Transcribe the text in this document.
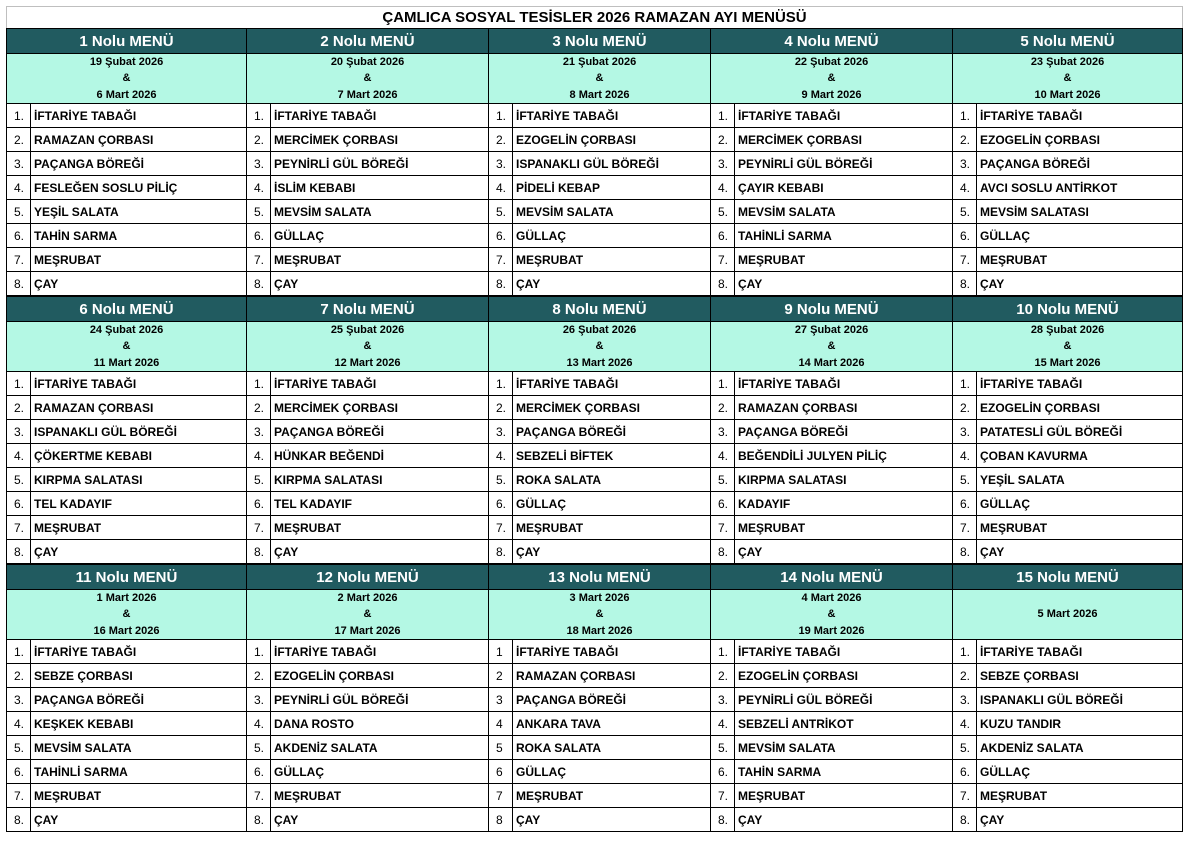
ÇAMLICA SOSYAL TESİSLER 2026 RAMAZAN AYI MENÜSÜ
1 Nolu MENÜ
19 Şubat 2026
&
6 Mart 2026
1. İFTARİYE TABAĞI
2. RAMAZAN ÇORBASI
3. PAÇANGA BÖREĞİ
4. FESLEĞEN SOSLU PİLİÇ
5. YEŞİL SALATA
6. TAHİN SARMA
7. MEŞRUBAT
8. ÇAY
2 Nolu MENÜ
20 Şubat 2026
&
7 Mart 2026
1. İFTARİYE TABAĞI
2. MERCİMEK ÇORBASI
3. PEYNİRLİ GÜL BÖREĞİ
4. İSLİM KEBABI
5. MEVSİM SALATA
6. GÜLLAÇ
7. MEŞRUBAT
8. ÇAY
3 Nolu MENÜ
21 Şubat 2026
&
8 Mart 2026
1. İFTARİYE TABAĞI
2. EZOGELİN ÇORBASI
3. ISPANAKLI GÜL BÖREĞİ
4. PİDELİ KEBAP
5. MEVSİM SALATA
6. GÜLLAÇ
7. MEŞRUBAT
8. ÇAY
4 Nolu MENÜ
22 Şubat 2026
&
9 Mart 2026
1. İFTARİYE TABAĞI
2. MERCİMEK ÇORBASI
3. PEYNİRLİ GÜL BÖREĞİ
4. ÇAYIR KEBABI
5. MEVSİM SALATA
6. TAHİNLİ SARMA
7. MEŞRUBAT
8. ÇAY
5 Nolu MENÜ
23 Şubat 2026
&
10 Mart 2026
1. İFTARİYE TABAĞI
2. EZOGELİN ÇORBASI
3. PAÇANGA BÖREĞİ
4. AVCI SOSLU ANTİRKOT
5. MEVSİM SALATASI
6. GÜLLAÇ
7. MEŞRUBAT
8. ÇAY
6 Nolu MENÜ
24 Şubat 2026
&
11 Mart 2026
1. İFTARİYE TABAĞI
2. RAMAZAN ÇORBASI
3. ISPANAKLI GÜL BÖREĞİ
4. ÇÖKERTME KEBABI
5. KIRPMA SALATASI
6. TEL KADAYIF
7. MEŞRUBAT
8. ÇAY
7 Nolu MENÜ
25 Şubat 2026
&
12 Mart 2026
1. İFTARİYE TABAĞI
2. MERCİMEK ÇORBASI
3. PAÇANGA BÖREĞİ
4. HÜNKAR BEĞENDİ
5. KIRPMA SALATASI
6. TEL KADAYIF
7. MEŞRUBAT
8. ÇAY
8 Nolu MENÜ
26 Şubat 2026
&
13 Mart 2026
1. İFTARİYE TABAĞI
2. MERCİMEK ÇORBASI
3. PAÇANGA BÖREĞİ
4. SEBZELİ BİFTEK
5. ROKA SALATA
6. GÜLLAÇ
7. MEŞRUBAT
8. ÇAY
9 Nolu MENÜ
27 Şubat 2026
&
14 Mart 2026
1. İFTARİYE TABAĞI
2. RAMAZAN ÇORBASI
3. PAÇANGA BÖREĞİ
4. BEĞENDİLİ JULYEN PİLİÇ
5. KIRPMA SALATASI
6. KADAYIF
7. MEŞRUBAT
8. ÇAY
10 Nolu MENÜ
28 Şubat 2026
&
15 Mart 2026
1. İFTARİYE TABAĞI
2. EZOGELİN ÇORBASI
3. PATATESLİ GÜL BÖREĞİ
4. ÇOBAN KAVURMA
5. YEŞİL SALATA
6. GÜLLAÇ
7. MEŞRUBAT
8. ÇAY
11 Nolu MENÜ
1 Mart 2026
&
16 Mart 2026
1. İFTARİYE TABAĞI
2. SEBZE ÇORBASI
3. PAÇANGA BÖREĞİ
4. KEŞKEK KEBABI
5. MEVSİM SALATA
6. TAHİNLİ SARMA
7. MEŞRUBAT
8. ÇAY
12 Nolu MENÜ
2 Mart 2026
&
17 Mart 2026
1. İFTARİYE TABAĞI
2. EZOGELİN ÇORBASI
3. PEYNİRLİ GÜL BÖREĞİ
4. DANA ROSTO
5. AKDENİZ SALATA
6. GÜLLAÇ
7. MEŞRUBAT
8. ÇAY
13 Nolu MENÜ
3 Mart 2026
&
18 Mart 2026
1	İFTARİYE TABAĞI
2	RAMAZAN ÇORBASI
3	PAÇANGA BÖREĞİ
4	ANKARA TAVA
5	ROKA SALATA
6	GÜLLAÇ
7	MEŞRUBAT
8	ÇAY
14 Nolu MENÜ
4 Mart 2026
&
19 Mart 2026
1. İFTARİYE TABAĞI
2. EZOGELİN ÇORBASI
3. PEYNİRLİ GÜL BÖREĞİ
4. SEBZELİ ANTRİKOT
5. MEVSİM SALATA
6. TAHİN SARMA
7. MEŞRUBAT
8. ÇAY
15 Nolu MENÜ
5 Mart 2026
1. İFTARİYE TABAĞI
2. SEBZE ÇORBASI
3. ISPANAKLI GÜL BÖREĞİ
4. KUZU TANDIR
5. AKDENİZ SALATA
6. GÜLLAÇ
7. MEŞRUBAT
8. ÇAY
